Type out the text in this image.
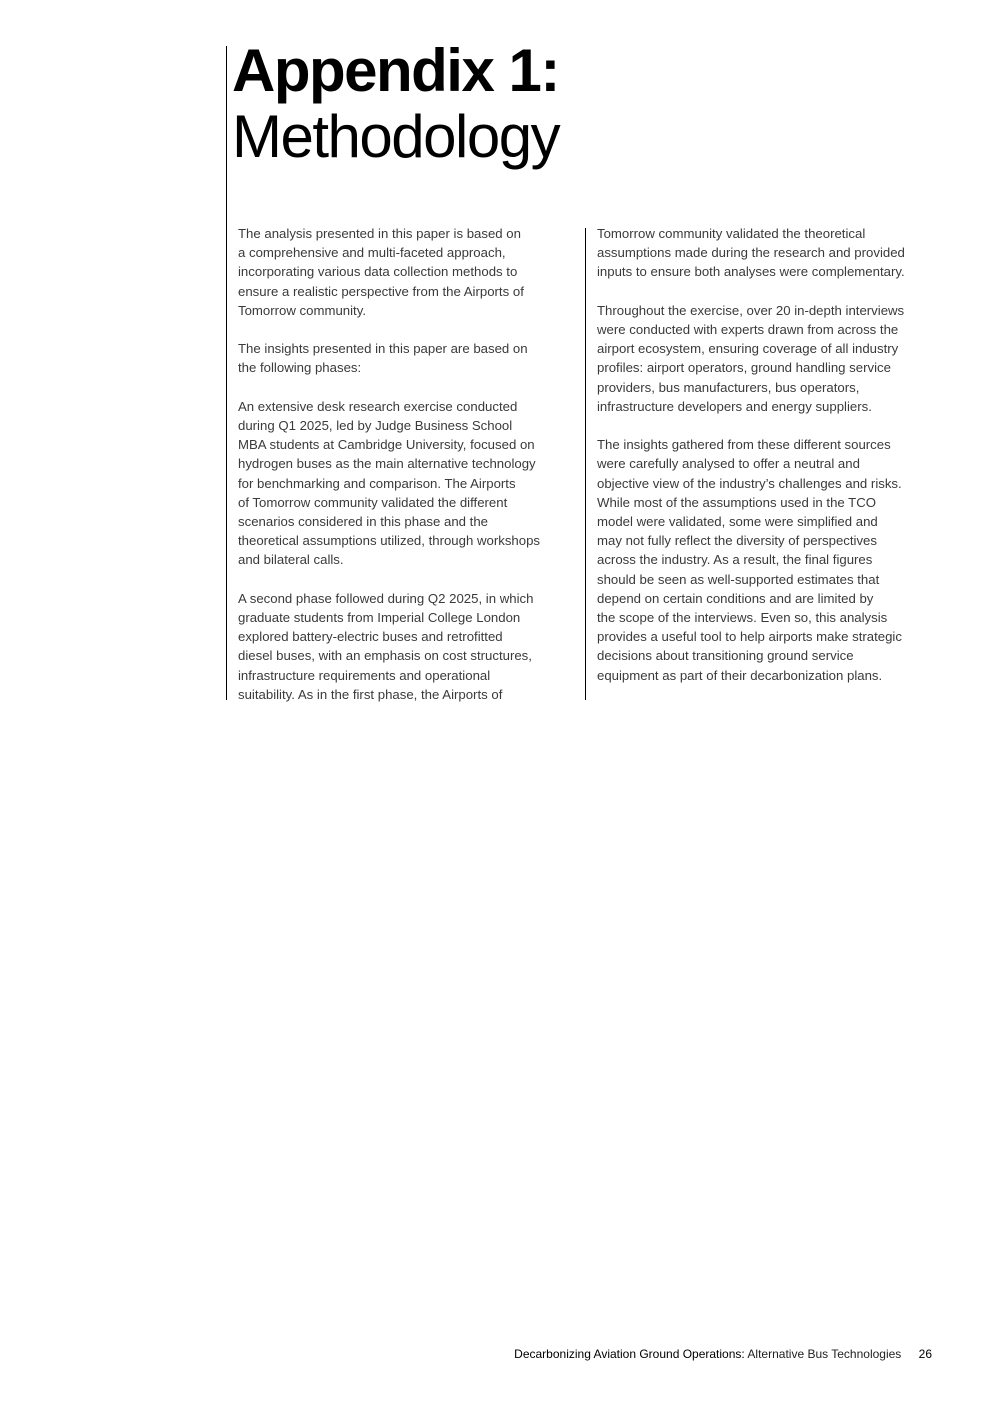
Appendix 1:
Methodology

The analysis presented in this paper is based on
a comprehensive and multi-faceted approach,
incorporating various data collection methods to
ensure a realistic perspective from the Airports of
Tomorrow community.

The insights presented in this paper are based on
the following phases:

An extensive desk research exercise conducted
during Q1 2025, led by Judge Business School
MBA students at Cambridge University, focused on
hydrogen buses as the main alternative technology
for benchmarking and comparison. The Airports
of Tomorrow community validated the different
scenarios considered in this phase and the
theoretical assumptions utilized, through workshops
and bilateral calls.

A second phase followed during Q2 2025, in which
graduate students from Imperial College London
explored battery-electric buses and retrofitted
diesel buses, with an emphasis on cost structures,
infrastructure requirements and operational
suitability. As in the first phase, the Airports of

Tomorrow community validated the theoretical
assumptions made during the research and provided
inputs to ensure both analyses were complementary.

Throughout the exercise, over 20 in-depth interviews
were conducted with experts drawn from across the
airport ecosystem, ensuring coverage of all industry
profiles: airport operators, ground handling service
providers, bus manufacturers, bus operators,
infrastructure developers and energy suppliers.

The insights gathered from these different sources
were carefully analysed to offer a neutral and
objective view of the industry’s challenges and risks.
While most of the assumptions used in the TCO
model were validated, some were simplified and
may not fully reflect the diversity of perspectives
across the industry. As a result, the final figures
should be seen as well-supported estimates that
depend on certain conditions and are limited by
the scope of the interviews. Even so, this analysis
provides a useful tool to help airports make strategic
decisions about transitioning ground service
equipment as part of their decarbonization plans.

Decarbonizing Aviation Ground Operations: Alternative Bus Technologies 26
